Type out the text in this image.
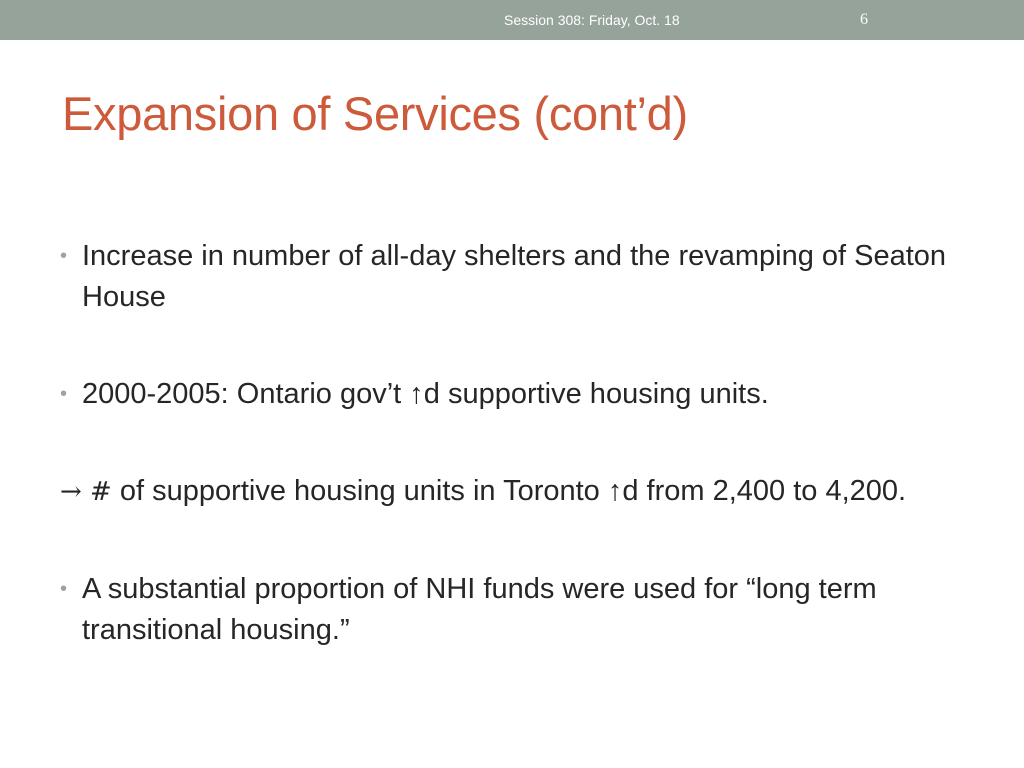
Session 308: Friday, Oct. 18	6
Expansion of Services (cont’d)

• Increase in number of all-day shelters and the revamping of Seaton House

• 2000-2005: Ontario gov’t ↑d supportive housing units.

→ # of supportive housing units in Toronto ↑d from 2,400 to 4,200.

• A substantial proportion of NHI funds were used for “long term transitional housing.”
